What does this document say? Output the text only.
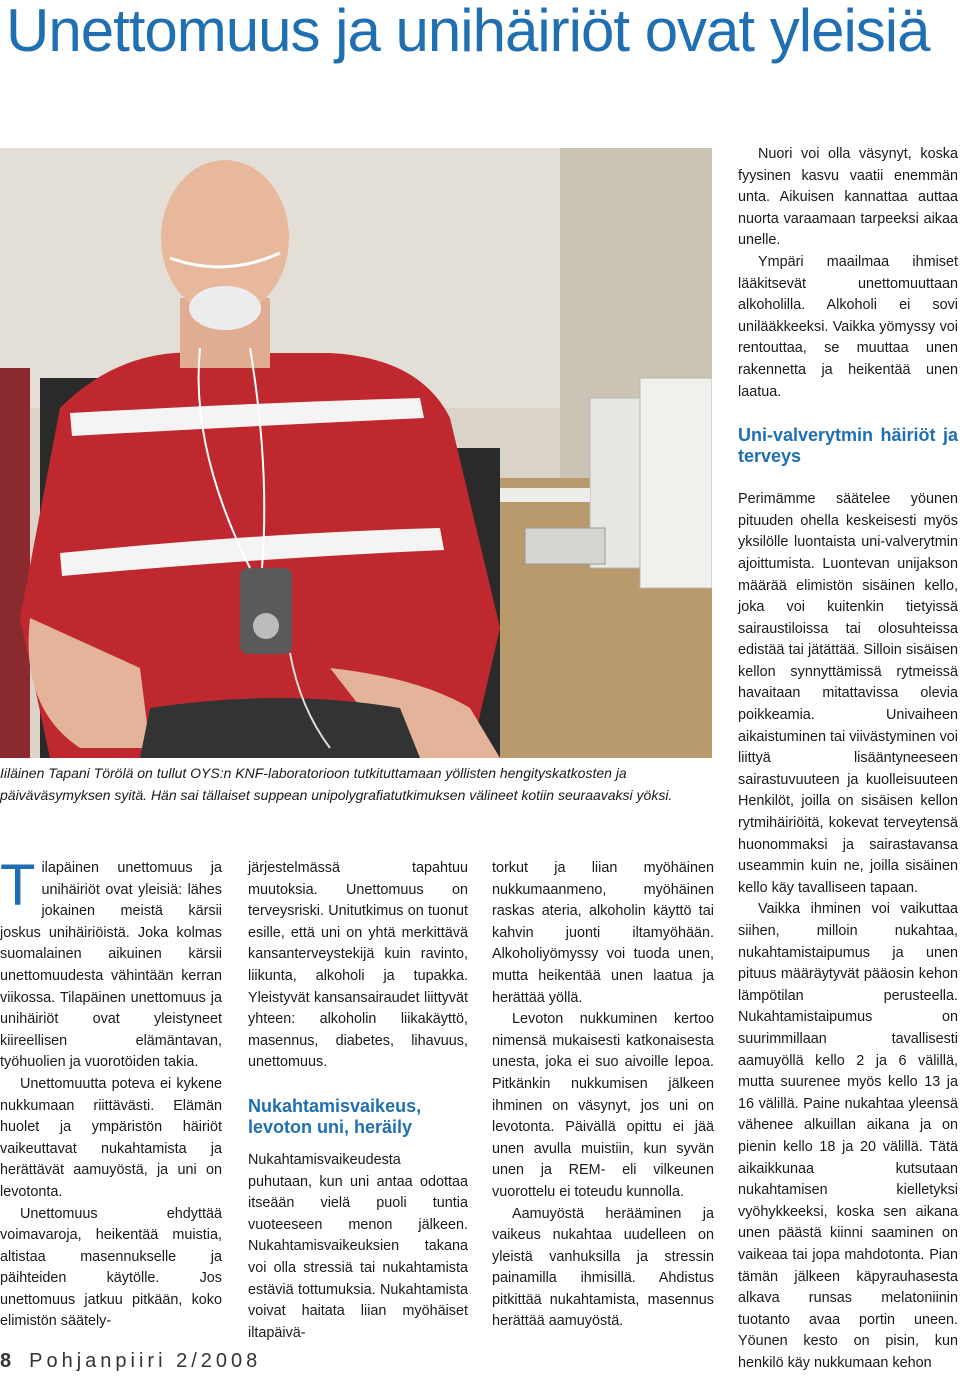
Unettomuus ja unihäiriöt ovat yleisiä

Iiläinen Tapani Törölä on tullut OYS:n KNF-laboratorioon tutkituttamaan yöllisten hengityskatkosten ja päiväväsymyksen syitä. Hän sai tällaiset suppean unipolygrafiatutkimuksen välineet kotiin seuraavaksi yöksi.

Tilapäinen unettomuus ja unihäiriöt ovat yleisiä: lähes jokainen meistä kärsii joskus unihäiriöistä. Joka kolmas suomalainen aikuinen kärsii unettomuudesta vähintään kerran viikossa. Tilapäinen unettomuus ja unihäiriöt ovat yleistyneet kiireellisen elämäntavan, työhuolien ja vuorotöiden takia.

Unettomuutta poteva ei kykene nukkumaan riittävästi. Elämän huolet ja ympäristön häiriöt vaikeuttavat nukahtamista ja herättävät aamuyöstä, ja uni on levotonta.

Unettomuus ehdyttää voimavaroja, heikentää muistia, altistaa masennukselle ja päihteiden käytölle. Jos unettomuus jatkuu pitkään, koko elimistön säätely-

järjestelmässä tapahtuu muutoksia. Unettomuus on terveysriski. Unitutkimus on tuonut esille, että uni on yhtä merkittävä kansanterveystekijä kuin ravinto, liikunta, alkoholi ja tupakka. Yleistyvät kansansairaudet liittyvät yhteen: alkoholin liikakäyttö, masennus, diabetes, lihavuus, unettomuus.

Nukahtamisvaikeus, levoton uni, heräily

Nukahtamisvaikeudesta puhutaan, kun uni antaa odottaa itseään vielä puoli tuntia vuoteeseen menon jälkeen. Nukahtamisvaikeuksien takana voi olla stressiä tai nukahtamista estäviä tottumuksia. Nukahtamista voivat haitata liian myöhäiset iltapäivä-

torkut ja liian myöhäinen nukkumaanmeno, myöhäinen raskas ateria, alkoholin käyttö tai kahvin juonti iltamyöhään. Alkoholiyömyssy voi tuoda unen, mutta heikentää unen laatua ja herättää yöllä.

Levoton nukkuminen kertoo nimensä mukaisesti katkonaisesta unesta, joka ei suo aivoille lepoa. Pitkänkin nukkumisen jälkeen ihminen on väsynyt, jos uni on levotonta. Päivällä opittu ei jää unen avulla muistiin, kun syvän unen ja REM- eli vilkeunen vuorottelu ei toteudu kunnolla.

Aamuyöstä herääminen ja vaikeus nukahtaa uudelleen on yleistä vanhuksilla ja stressin painamilla ihmisillä. Ahdistus pitkittää nukahtamista, masennus herättää aamuyöstä.

Nuori voi olla väsynyt, koska fyysinen kasvu vaatii enemmän unta. Aikuisen kannattaa auttaa nuorta varaamaan tarpeeksi aikaa unelle.

Ympäri maailmaa ihmiset lääkitsevät unettomuuttaan alkoholilla. Alkoholi ei sovi unilääkkeeksi. Vaikka yömyssy voi rentouttaa, se muuttaa unen rakennetta ja heikentää unen laatua.

Uni-valverytmin häiriöt ja terveys

Perimämme säätelee yöunen pituuden ohella keskeisesti myös yksilölle luontaista uni-valverytmin ajoittumista. Luontevan unijakson määrää elimistön sisäinen kello, joka voi kuitenkin tietyissä sairaustiloissa tai olosuhteissa edistää tai jätättää. Silloin sisäisen kellon synnyttämissä rytmeissä havaitaan mitattavissa olevia poikkeamia. Univaiheen aikaistuminen tai viivästyminen voi liittyä lisääntyneeseen sairastuvuuteen ja kuolleisuuteen Henkilöt, joilla on sisäisen kellon rytmihäiriöitä, kokevat terveytensä huonommaksi ja sairastavansa useammin kuin ne, joilla sisäinen kello käy tavalliseen tapaan.

Vaikka ihminen voi vaikuttaa siihen, milloin nukahtaa, nukahtamistaipumus ja unen pituus määräytyvät pääosin kehon lämpötilan perusteella. Nukahtamistaipumus on suurimmillaan tavallisesti aamuyöllä kello 2 ja 6 välillä, mutta suurenee myös kello 13 ja 16 välillä. Paine nukahtaa yleensä vähenee alkuillan aikana ja on pienin kello 18 ja 20 välillä. Tätä aikaikkunaa kutsutaan nukahtamisen kielletyksi vyöhykkeeksi, koska sen aikana unen päästä kiinni saaminen on vaikeaa tai jopa mahdotonta. Pian tämän jälkeen käpyrauhasesta alkava runsas melatoniinin tuotanto avaa portin uneen. Yöunen kesto on pisin, kun henkilö käy nukkumaan kehon

8 Pohjanpiiri 2/2008
